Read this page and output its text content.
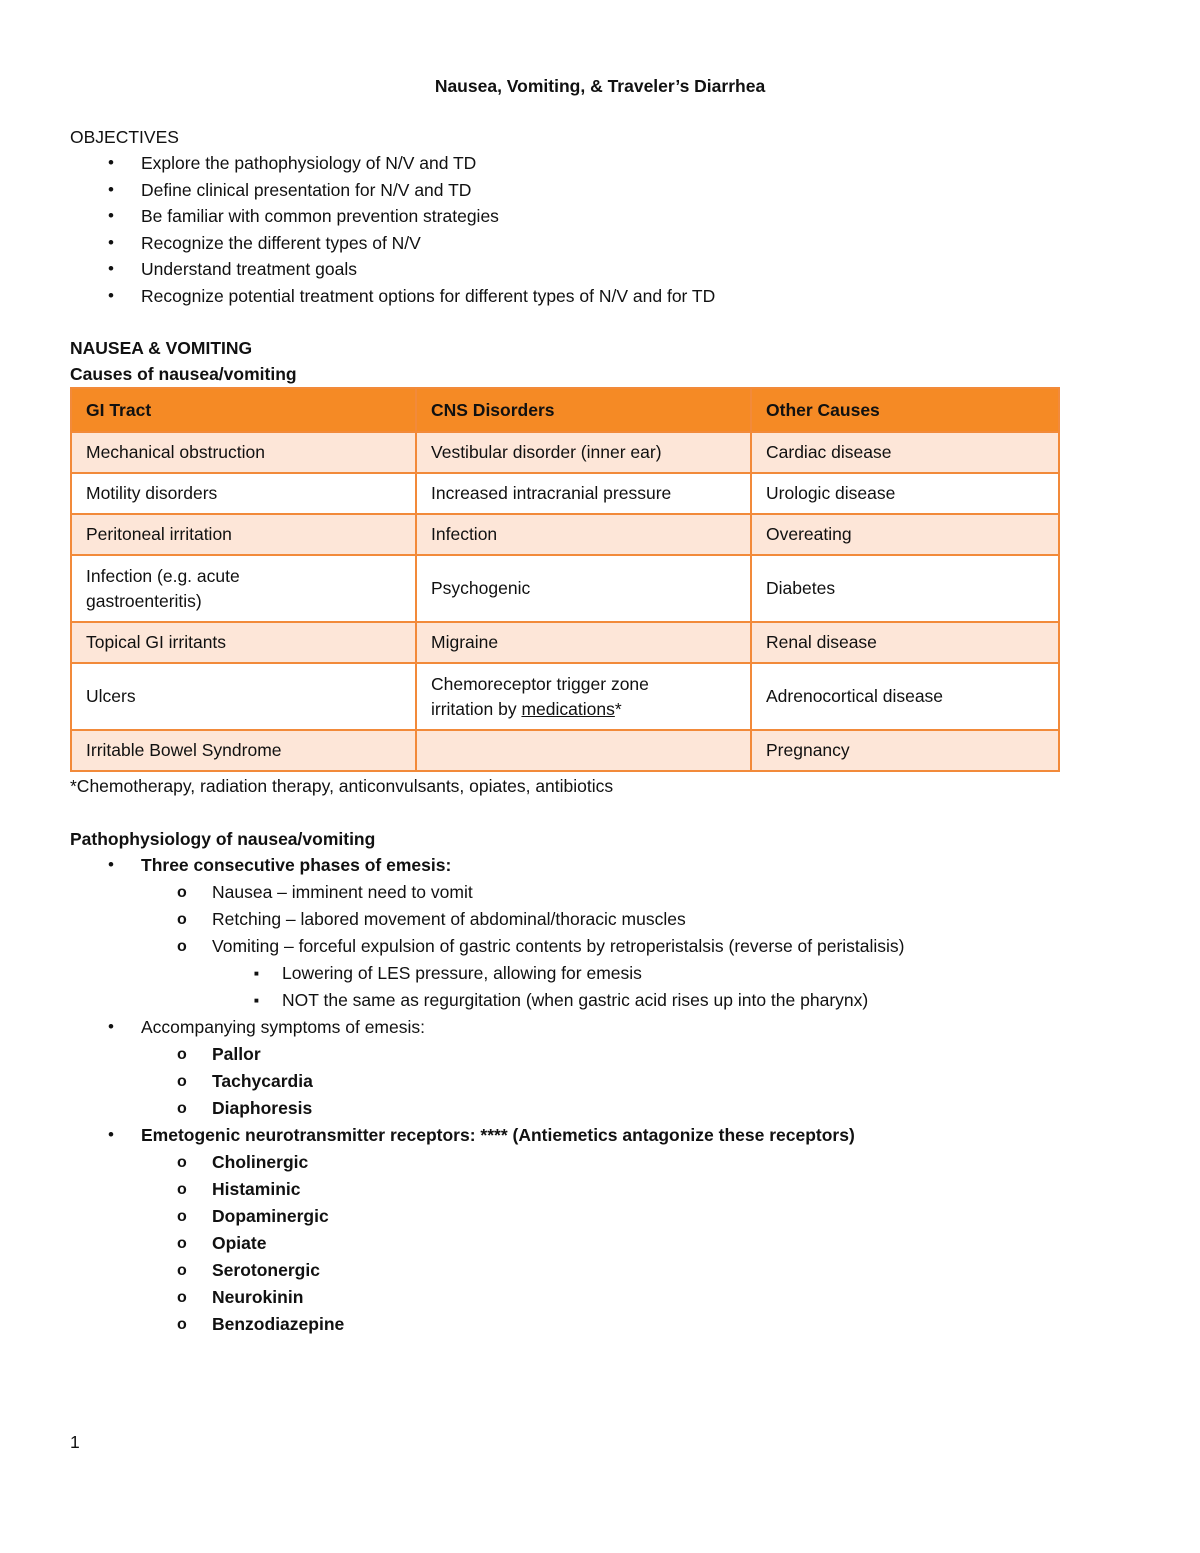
Nausea, Vomiting, & Traveler’s Diarrhea
OBJECTIVES
• Explore the pathophysiology of N/V and TD
• Define clinical presentation for N/V and TD
• Be familiar with common prevention strategies
• Recognize the different types of N/V
• Understand treatment goals
• Recognize potential treatment options for different types of N/V and for TD
NAUSEA & VOMITING
Causes of nausea/vomiting
GI Tract	CNS Disorders	Other Causes
Mechanical obstruction	Vestibular disorder (inner ear)	Cardiac disease
Motility disorders	Increased intracranial pressure	Urologic disease
Peritoneal irritation	Infection	Overeating

Infection (e.g. acute gastroenteritis)	Psychogenic	Diabetes
Topical GI irritants	Migraine	Renal disease
Ulcers	Chemoreceptor trigger zone irritation by medications*	Adrenocortical disease
Irritable Bowel Syndrome		Pregnancy
*Chemotherapy, radiation therapy, anticonvulsants, opiates, antibiotics
Pathophysiology of nausea/vomiting
• Three consecutive phases of emesis:
o Nausea – imminent need to vomit
o Retching – labored movement of abdominal/thoracic muscles
o Vomiting – forceful expulsion of gastric contents by retroperistalsis (reverse of peristalisis)
■ Lowering of LES pressure, allowing for emesis
■ NOT the same as regurgitation (when gastric acid rises up into the pharynx)
• Accompanying symptoms of emesis:
o Pallor
o Tachycardia
o Diaphoresis
• Emetogenic neurotransmitter receptors: **** (Antiemetics antagonize these receptors)
o Cholinergic
o Histaminic
o Dopaminergic
o Opiate
o Serotonergic
o Neurokinin
o Benzodiazepine
1
